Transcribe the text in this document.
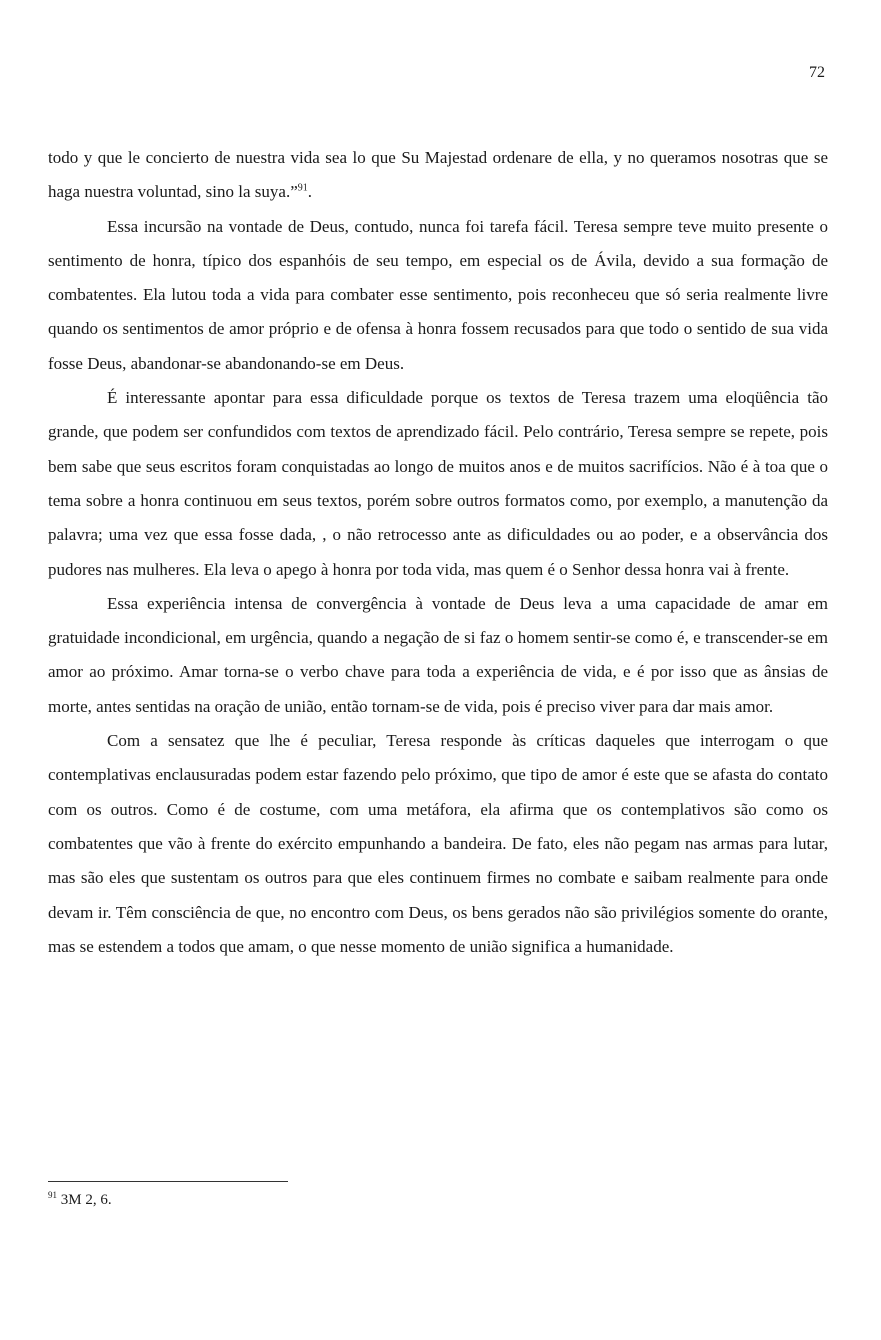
72

todo y que le concierto de nuestra vida sea lo que Su Majestad ordenare de ella, y no queramos nosotras que se haga nuestra voluntad, sino la suya.”$^{91}$.

Essa incursão na vontade de Deus, contudo, nunca foi tarefa fácil. Teresa sempre teve muito presente o sentimento de honra, típico dos espanhóis de seu tempo, em especial os de Ávila, devido a sua formação de combatentes. Ela lutou toda a vida para combater esse sentimento, pois reconheceu que só seria realmente livre quando os sentimentos de amor próprio e de ofensa à honra fossem recusados para que todo o sentido de sua vida fosse Deus, abandonar-se abandonando-se em Deus.

É interessante apontar para essa dificuldade porque os textos de Teresa trazem uma eloqüência tão grande, que podem ser confundidos com textos de aprendizado fácil. Pelo contrário, Teresa sempre se repete, pois bem sabe que seus escritos foram conquistadas ao longo de muitos anos e de muitos sacrifícios. Não é à toa que o tema sobre a honra continuou em seus textos, porém sobre outros formatos como, por exemplo, a manutenção da palavra; uma vez que essa fosse dada, , o não retrocesso ante as dificuldades ou ao poder, e a observância dos pudores nas mulheres. Ela leva o apego à honra por toda vida, mas quem é o Senhor dessa honra vai à frente.

Essa experiência intensa de convergência à vontade de Deus leva a uma capacidade de amar em gratuidade incondicional, em urgência, quando a negação de si faz o homem sentir-se como é, e transcender-se em amor ao próximo. Amar torna-se o verbo chave para toda a experiência de vida, e é por isso que as ânsias de morte, antes sentidas na oração de união, então tornam-se de vida, pois é preciso viver para dar mais amor.

Com a sensatez que lhe é peculiar, Teresa responde às críticas daqueles que interrogam o que contemplativas enclausuradas podem estar fazendo pelo próximo, que tipo de amor é este que se afasta do contato com os outros. Como é de costume, com uma metáfora, ela afirma que os contemplativos são como os combatentes que vão à frente do exército empunhando a bandeira. De fato, eles não pegam nas armas para lutar, mas são eles que sustentam os outros para que eles continuem firmes no combate e saibam realmente para onde devam ir. Têm consciência de que, no encontro com Deus, os bens gerados não são privilégios somente do orante, mas se estendem a todos que amam, o que nesse momento de união significa a humanidade.

$^{91}$ 3M 2, 6.
